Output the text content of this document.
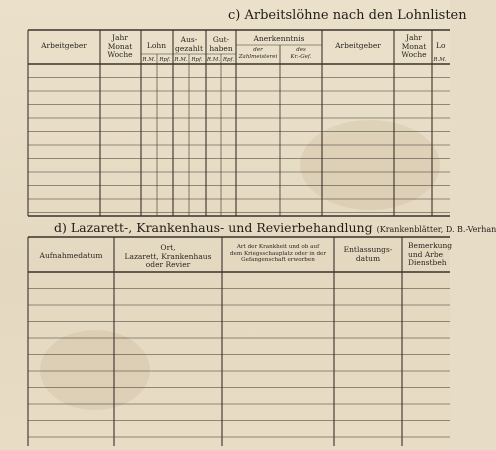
c) Arbeitslöhne nach den Lohnlisten
Arbeitgeber
Jahr
Monat
Woche
Lohn
Aus-
gezahlt
Gut-
haben
Anerkenntnis
der
Zahlmeisterei
des
Kr.-Gef.
Arbeitgeber
Jahr
Monat
Woche
Lo
R.M. Rpf. R.M. Rpf. R.M. Rpf.	R.M.
d) Lazarett-, Krankenhaus- und Revierbehandlung (Krankenblätter, D. B.-Verhan
Aufnahmedatum
Ort,
Lazarett, Krankenhaus
oder Revier
Art der Krankheit und ob auf
dem Kriegsschauplatz oder in der
Gefangenschaft erworben
Entlassungs-
datum
Bemerkung
und Arbe
Dienstbeh
